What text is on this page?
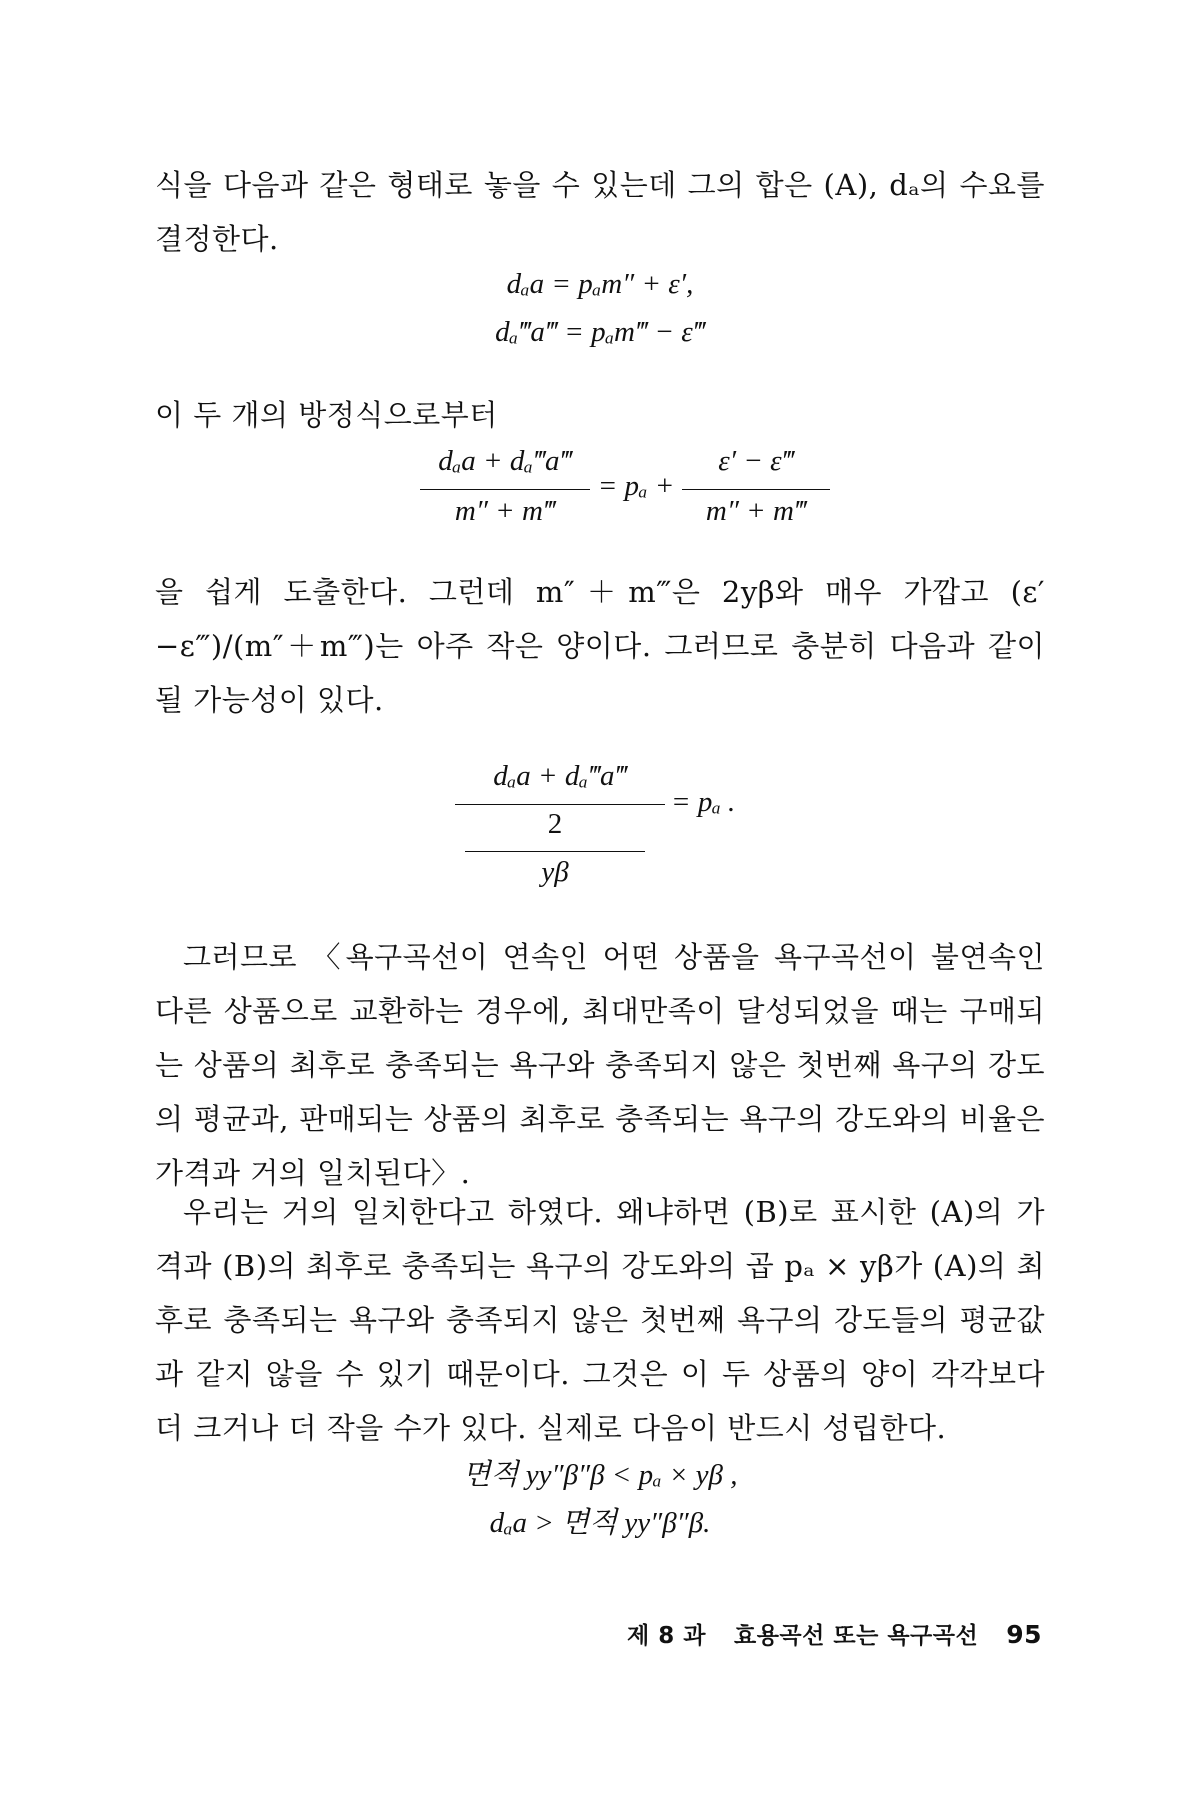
식을 다음과 같은 형태로 놓을 수 있는데 그의 합은 (A), dₐ의 수요를 결정한다.

dₐa = pₐm″ + ε′,
dₐ‴a‴ = pₐm‴ − ε‴

이 두 개의 방정식으로부터

dₐa + dₐ‴a‴
m″ + m‴
= pₐ +
ε′ − ε‴
m″ + m‴

을 쉽게 도출한다. 그런데 m″＋m‴은 2yβ와 매우 가깝고 (ε′−ε‴)/(m″＋m‴)는 아주 작은 양이다. 그러므로 충분히 다음과 같이 될 가능성이 있다.

dₐa + dₐ‴a‴
= pₐ .
2
yβ

그러므로 〈욕구곡선이 연속인 어떤 상품을 욕구곡선이 불연속인 다른 상품으로 교환하는 경우에, 최대만족이 달성되었을 때는 구매되는 상품의 최후로 충족되는 욕구와 충족되지 않은 첫번째 욕구의 강도의 평균과, 판매되는 상품의 최후로 충족되는 욕구의 강도와의 비율은 가격과 거의 일치된다〉.

우리는 거의 일치한다고 하였다. 왜냐하면 (B)로 표시한 (A)의 가격과 (B)의 최후로 충족되는 욕구의 강도와의 곱 pₐ × yβ가 (A)의 최후로 충족되는 욕구와 충족되지 않은 첫번째 욕구의 강도들의 평균값과 같지 않을 수 있기 때문이다. 그것은 이 두 상품의 양이 각각보다 더 크거나 더 작을 수가 있다. 실제로 다음이 반드시 성립한다.

면적 yy″β″β < pₐ × yβ ,
dₐa > 면적 yy″β″β.
제 8 과 효용곡선 또는 욕구곡선 95
